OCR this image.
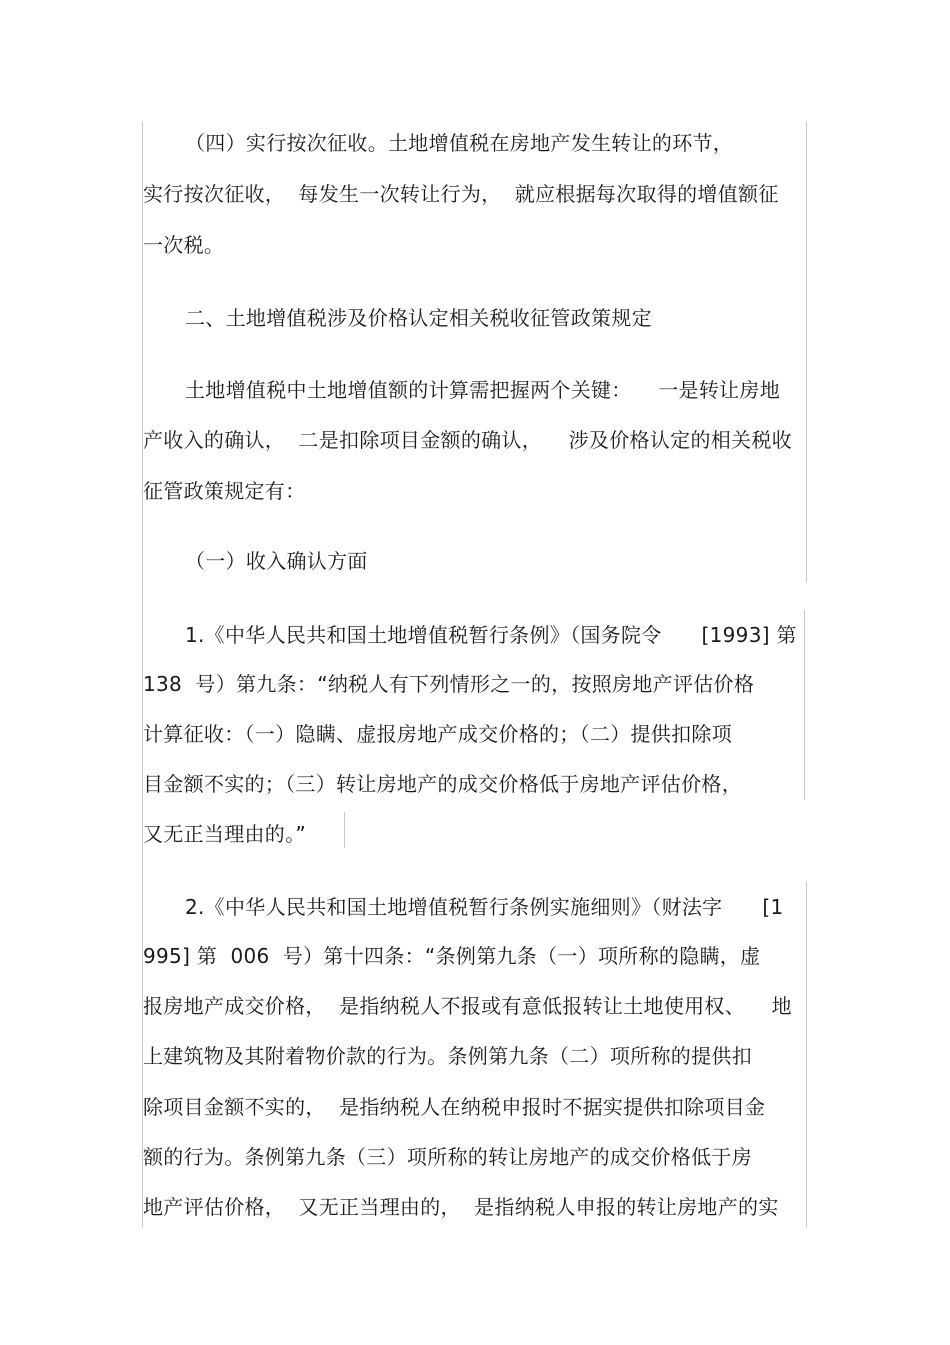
（四）实行按次征收。土地增值税在房地产发生转让的环节，
实行按次征收，  每发生一次转让行为，  就应根据每次取得的增值额征
一次税。
二、土地增值税涉及价格认定相关税收征管政策规定
土地增值税中土地增值额的计算需把握两个关键：    一是转让房地
产收入的确认，  二是扣除项目金额的确认，    涉及价格认定的相关税收
征管政策规定有：
（一）收入确认方面
1.《中华人民共和国土地增值税暂行条例》（国务院令      [1993] 第
138  号）第九条：“纳税人有下列情形之一的，按照房地产评估价格
计算征收：（一）隐瞒、虚报房地产成交价格的；（二）提供扣除项
目金额不实的；（三）转让房地产的成交价格低于房地产评估价格，
又无正当理由的。”
2.《中华人民共和国土地增值税暂行条例实施细则》（财法字      [1
995] 第  006  号）第十四条：“条例第九条（一）项所称的隐瞒，虚
报房地产成交价格，  是指纳税人不报或有意低报转让土地使用权、    地
上建筑物及其附着物价款的行为。条例第九条（二）项所称的提供扣
除项目金额不实的，  是指纳税人在纳税申报时不据实提供扣除项目金
额的行为。条例第九条（三）项所称的转让房地产的成交价格低于房
地产评估价格，  又无正当理由的，  是指纳税人申报的转让房地产的实
